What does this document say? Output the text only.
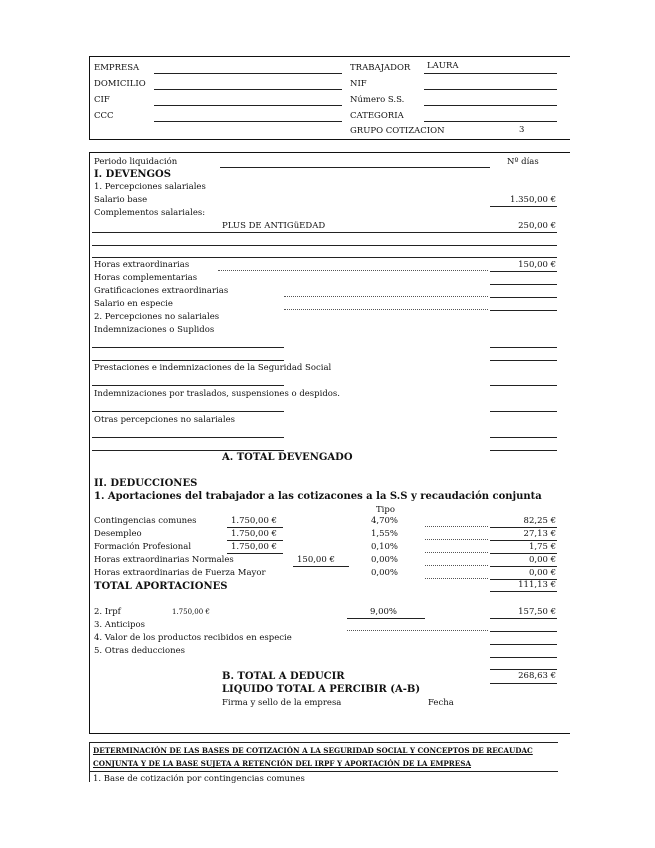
EMPRESA
DOMICILIO
CIF
CCC
TRABAJADOR LAURA
NIF
Número S.S.
CATEGORIA
GRUPO COTIZACION	3
Periodo liquidación	Nº días
I. DEVENGOS
1. Percepciones salariales
Salario base	1.350,00 €
Complementos salariales:
PLUS DE ANTIGüEDAD	250,00 €
Horas extraordinarias	150,00 €
Horas complementarias
Gratificaciones extraordinarias
Salario en especie
2. Percepciones no salariales
Indemnizaciones o Suplidos
Prestaciones e indemnizaciones de la Seguridad Social
Indemnizaciones por traslados, suspensiones o despidos.
Otras percepciones no salariales
A. TOTAL DEVENGADO
II. DEDUCCIONES
1. Aportaciones del trabajador a las cotizacones a la S.S y recaudación conjunta
Tipo
Contingencias comunes	1.750,00 €	4,70%	82,25 €
Desempleo	1.750,00 €	1,55%	27,13 €
Formación Profesional	1.750,00 €	0,10%	1,75 €
Horas extraordinarias Normales	150,00 €	0,00%	0,00 €
Horas extraordinarias de Fuerza Mayor	0,00%	0,00 €
TOTAL APORTACIONES	111,13 €
2. Irpf	1.750,00 €	9,00%	157,50 €
3. Anticipos
4. Valor de los productos recibidos en especie
5. Otras deducciones
B. TOTAL A DEDUCIR	268,63 €
LIQUIDO TOTAL A PERCIBIR (A-B)
Firma y sello de la empresa	Fecha
DETERMINACIÓN DE LAS BASES DE COTIZACIÓN A LA SEGURIDAD SOCIAL Y CONCEPTOS DE RECAUDAC
CONJUNTA Y DE LA BASE SUJETA A RETENCIÓN DEL IRPF Y APORTACIÓN DE LA EMPRESA
1. Base de cotización por contingencias comunes
